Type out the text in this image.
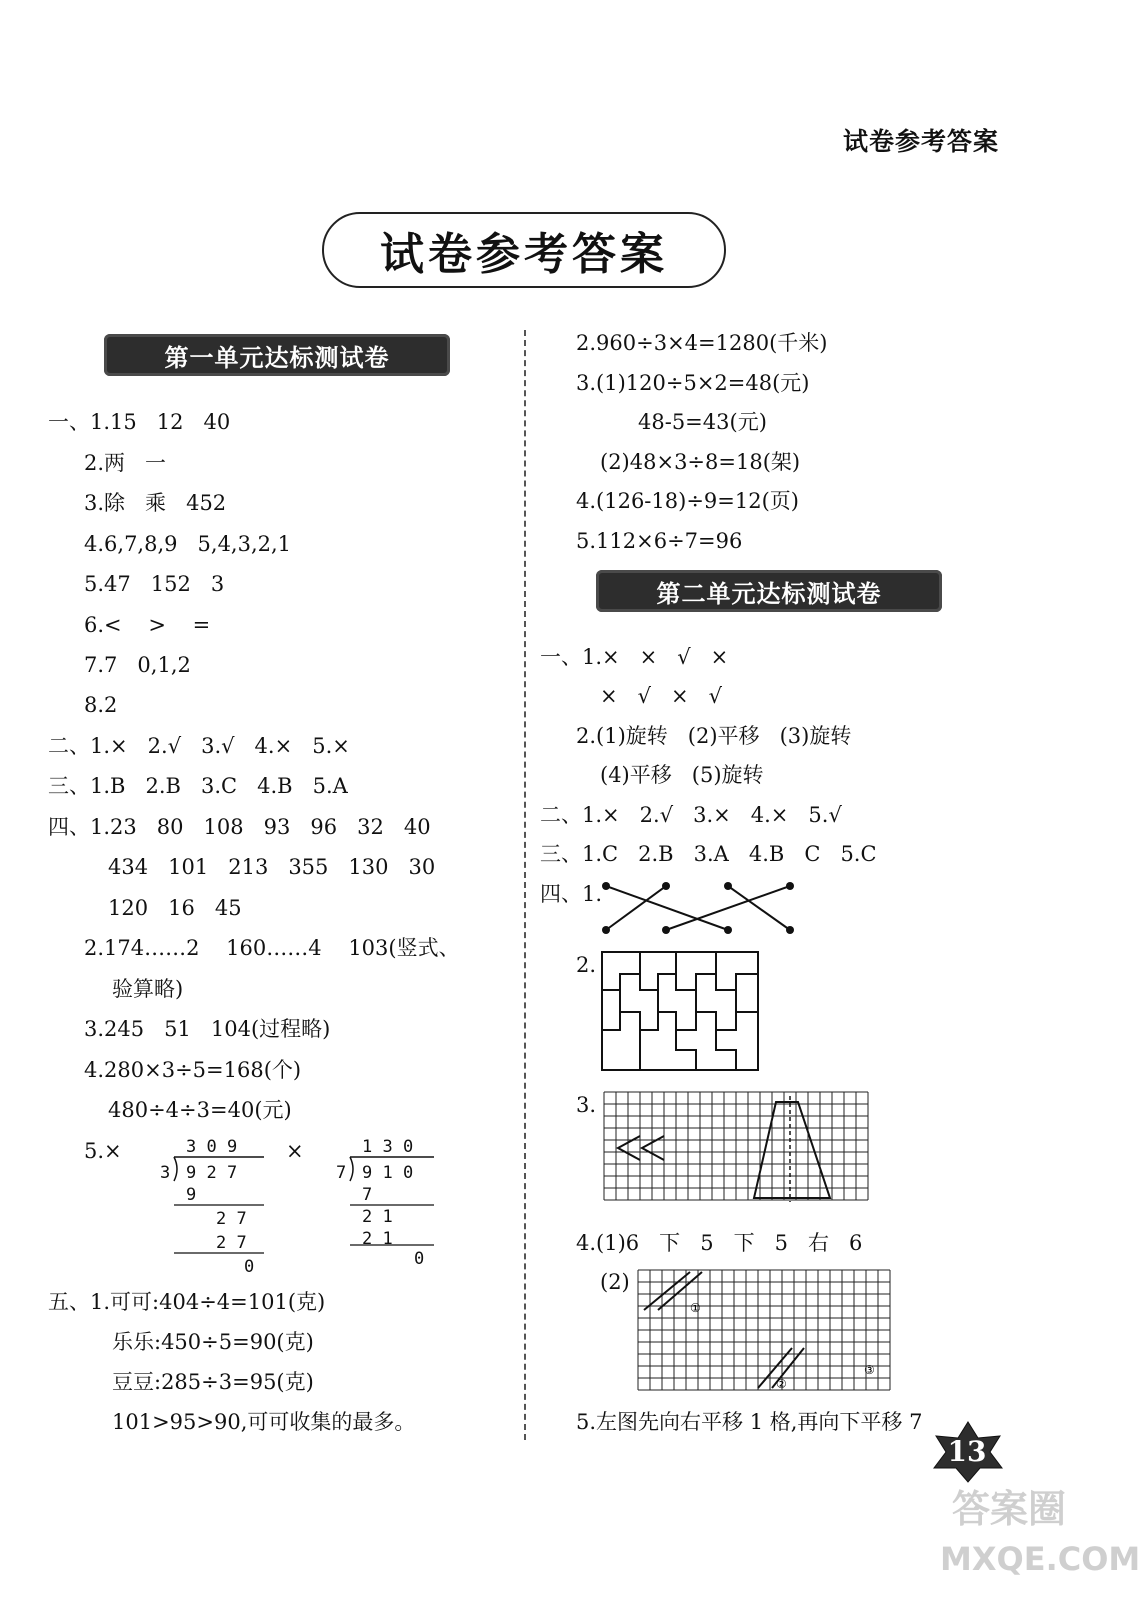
试卷参考答案
试卷参考答案
第一单元达标测试卷
一、1.15   12   40
2.两   一
3.除   乘   452
4.6,7,8,9   5,4,3,2,1
5.47   152   3
6.<    >    =
7.7   0,1,2
8.2
二、1.×   2.√   3.√   4.×   5.×
三、1.B   2.B   3.C   4.B   5.A
四、1.23   80   108   93   96   32   40
434   101   213   355   130   30
120   16   45
2.174……2    160……4    103(竖式、
验算略)
3.245   51   104(过程略)
4.280×3÷5=168(个)
480÷4÷3=40(元)
5.×	×
3 0 9
3 9 2 7
9
2 7
2 7
0
1 3 0
7 9 1 0
7
2 1
2 1
0
五、1.可可:404÷4=101(克)
乐乐:450÷5=90(克)
豆豆:285÷3=95(克)
101>95>90,可可收集的最多。
2.960÷3×4=1280(千米)
3.(1)120÷5×2=48(元)
48-5=43(元)
(2)48×3÷8=18(架)
4.(126-18)÷9=12(页)
5.112×6÷7=96
第二单元达标测试卷
一、1.×   ×   √   ×
×   √   ×   √
2.(1)旋转   (2)平移   (3)旋转
(4)平移   (5)旋转
二、1.×   2.√   3.×   4.×   5.√
三、1.C   2.B   3.A   4.B   C   5.C
四、1.
2.
3.
4.(1)6   下   5   下   5   右   6
(2)
①
②
③
5.左图先向右平移 1 格,再向下平移 7
13
答案圈
MXQE.COM
